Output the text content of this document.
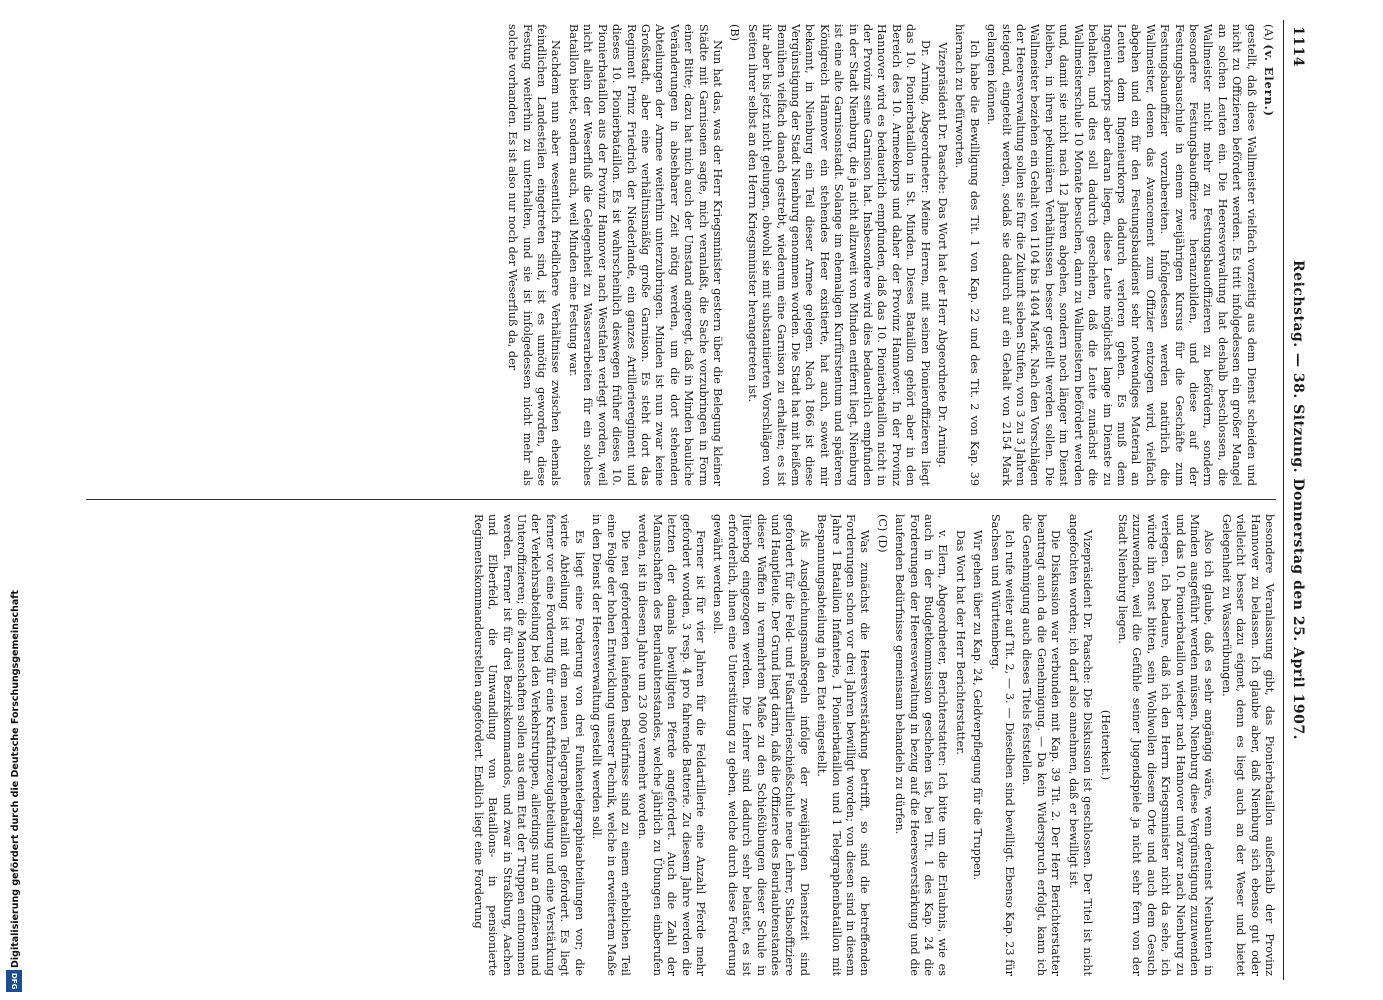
Digitalisierung gefördert durch die Deutsche Forschungsgemeinschaft
DFG
1114
Reichstag. — 38. Sitzung. Donnerstag den 25. April 1907.

(A) (v. Elern.)

gestellt, daß diese Wallmeister vielfach vorzeitig aus dem Dienst scheiden und nicht zu Offizieren befördert werden. Es tritt infolgedessen ein großer Mangel an solchen Leuten ein. Die Heeresverwaltung hat deshalb beschlossen, die Wallmeister nicht mehr zu Festungsbauoffizieren zu befördern, sondern besondere Festungsbauoffiziere heranzubilden, und diese auf der Festungsbauschule in einem zweijährigen Kursus für die Geschäfte zum Festungsbauoffizier vorzubereiten. Infolgedessen werden natürlich die Wallmeister, denen das Avancement zum Offizier entzogen wird, vielfach abgehen und ein für den Festungsbaudienst sehr notwendiges Material an Leuten dem Ingenieurkorps dadurch verloren gehen. Es muß dem Ingenieurkorps aber daran liegen, diese Leute möglichst lange im Dienste zu behalten, und dies soll dadurch geschehen, daß die Leute zunächst die Wallmeisterschule 10 Monate besuchen, dann zu Wallmeistern befördert werden und, damit sie nicht nach 12 Jahren abgehen, sondern noch länger im Dienst bleiben, in ihren pekuniären Verhältnissen besser gestellt werden sollen. Die Wallmeister beziehen ein Gehalt von 1104 bis 1404 Mark. Nach den Vorschlägen der Heeresverwaltung sollen sie für die Zukunft sieben Stufen, von 3 zu 3 Jahren steigend, eingeteilt werden, sodaß sie dadurch auf ein Gehalt von 2154 Mark gelangen können.

Ich habe die Bewilligung des Tit. 1 von Kap. 22 und des Tit. 2 von Kap. 39 hiernach zu befürworten.

Vizepräsident Dr. Paasche: Das Wort hat der Herr Abgeordnete Dr. Arning.

Dr. Arning, Abgeordneter: Meine Herren, mit seinen Pionieroffizieren liegt das 10. Pionierbataillon in St. Minden. Dieses Bataillon gehört aber in den Bereich des 10. Armeekorps und daher der Provinz Hannover. In der Provinz Hannover wird es bedauerlich empfunden, daß das 10. Pionierbataillon nicht in der Provinz seine Garnison hat. Insbesondere wird dies bedauerlich empfunden in der Stadt Nienburg, die ja nicht allzuweit von Minden entfernt liegt. Nienburg ist eine alte Garnisonstadt. Solange im ehemaligen Kurfürstentum und späteren Königreich Hannover ein stehendes Heer existierte, hat auch, soweit mir bekannt, in Nienburg ein Teil dieser Armee gelegen. Nach 1866 ist diese Vergünstigung der Stadt Nienburg genommen worden. Die Stadt hat mit heißem Bemühen vielfach danach gestrebt, wiederum eine Garnison zu erhalten; es ist ihr aber bis jetzt nicht gelungen, obwohl sie mit substantiierten Vorschlägen von Seiten ihrer selbst an den Herrn Kriegsminister herangetreten ist.

(B)

Nun hat das, was der Herr Kriegsminister gestern über die Belegung kleiner Städte mit Garnisonen sagte, mich veranlaßt, die Sache vorzubringen in Form einer Bitte; dazu hat mich auch der Umstand angeregt, daß in Minden bauliche Veränderungen in absehbarer Zeit nötig werden, um die dort stehenden Abteilungen der Armee weiterhin unterzubringen. Minden ist nun zwar keine Großstadt, aber eine verhältnismäßig große Garnison. Es steht dort das Regiment Prinz Friedrich der Niederlande, ein ganzes Artillerieregiment und dieses 10. Pionierbataillon. Es ist wahrscheinlich deswegen früher dieses 10. Pionierbataillon aus der Provinz Hannover nach Westfalen verlegt worden, weil nicht allein der Weserfluß die Gelegenheit zu Wasserarbeiten für ein solches Bataillon bietet, sondern auch, weil Minden eine Festung war.

Nachdem nun aber wesentlich friedlichere Verhältnisse zwischen ehemals feindlichen Landesteilen eingetreten sind, ist es unnötig geworden, diese Festung weiterhin zu unterhalten, und sie ist infolgedessen nicht mehr als solche vorhanden. Es ist also nur noch der Weserfluß da, der

besondere Veranlassung gibt, das Pionierbataillon außerhalb der Provinz Hannover zu belassen. Ich glaube aber, daß Nienburg sich ebenso gut oder vielleicht besser dazu eignet, denn es liegt auch an der Weser und bietet Gelegenheit zu Wasserübungen.

Also ich glaube, daß es sehr angängig wäre, wenn dereinst Neubauten in Minden ausgeführt werden müssen, Nienburg diese Vergünstigung zuzuwenden und das 10. Pionierbataillon wieder nach Hannover und zwar nach Nienburg zu verlegen. Ich bedaure, daß ich den Herrn Kriegsminister nicht da sehe, ich würde ihn sonst bitten, sein Wohlwollen diesem Orte und auch dem Gesuch zuzuwenden, weil die Gefühle seiner Jugendspiele ja nicht sehr fern von der Stadt Nienburg liegen.

(Heiterkeit.)

Vizepräsident Dr. Paasche: Die Diskussion ist geschlossen. Der Titel ist nicht angefochten worden; ich darf also annehmen, daß er bewilligt ist.

Die Diskussion war verbunden mit Kap. 39 Tit. 2. Der Herr Berichterstatter beantragt auch da die Genehmigung. — Da kein Widerspruch erfolgt, kann ich die Genehmigung auch dieses Titels feststellen.

Ich rufe weiter auf Tit. 2, — 3. — Dieselben sind bewilligt. Ebenso Kap. 23 für Sachsen und Württemberg.

Wir gehen über zu Kap. 24, Geldverpflegung für die Truppen.

Das Wort hat der Herr Berichterstatter.

v. Elern, Abgeordneter, Berichterstatter: Ich bitte um die Erlaubnis, wie es auch in der Budgetkommission geschehen ist, bei Tit. 1 des Kap. 24 die Forderungen der Heeresverwaltung in bezug auf die Heeresverstärkung und die laufenden Bedürfnisse gemeinsam behandeln zu dürfen.

(C) (D)

Was zunächst die Heeresverstärkung betrifft, so sind die betreffenden Forderungen schon vor drei Jahren bewilligt worden; von diesen sind in diesem Jahre 1 Bataillon Infanterie, 1 Pionierbataillon und 1 Telegraphenbataillon mit Bespannungsabteilung in den Etat eingestellt.

Als Ausgleichungsmaßregeln infolge der zweijährigen Dienstzeit sind gefordert für die Feld- und Fußartillerieschießschule neue Lehrer, Stabsoffiziere und Hauptleute. Der Grund liegt darin, daß die Offiziere des Beurlaubtenstandes dieser Waffen in vermehrtem Maße zu den Schießübungen dieser Schule in Jüterbog eingezogen werden. Die Lehrer sind dadurch sehr belastet, es ist erforderlich, ihnen eine Unterstützung zu geben, welche durch diese Forderung gewährt werden soll.

Ferner ist für vier Jahren für die Feldartillerie eine Anzahl Pferde mehr gefordert worden, 3 resp. 4 pro fahrende Batterie. Zu diesem Jahre werden die letzten der damals bewilligten Pferde angefordert. Auch die Zahl der Mannschaften des Beurlaubtenstandes, welche jährlich zu Übungen einberufen werden, ist in diesem Jahre um 23 000 vermehrt worden.

Die neu geforderten laufenden Bedürfnisse sind zu einem erheblichen Teil eine Folge der hohen Entwicklung unserer Technik, welche in erweitertem Maße in den Dienst der Heeresverwaltung gestellt werden soll.

Es liegt eine Forderung von drei Funkentelegraphieabteilungen vor; die vierte Abteilung ist mit dem neuen Telegraphenbataillon gefordert. Es liegt ferner vor eine Forderung für eine Kraftfahrzeugabteilung und eine Verstärkung der Verkehrsabteilung bei den Verkehrstruppen, allerdings nur an Offizieren und Unteroffizieren; die Mannschaften sollen aus dem Etat der Truppen entnommen werden. Ferner ist für drei Bezirkskommandos, und zwar in Straßburg, Aachen und Elberfeld, die Umwandlung von Bataillons- in pensionierte Regimentskommandeurstellen angefordert. Endlich liegt eine Forderung
